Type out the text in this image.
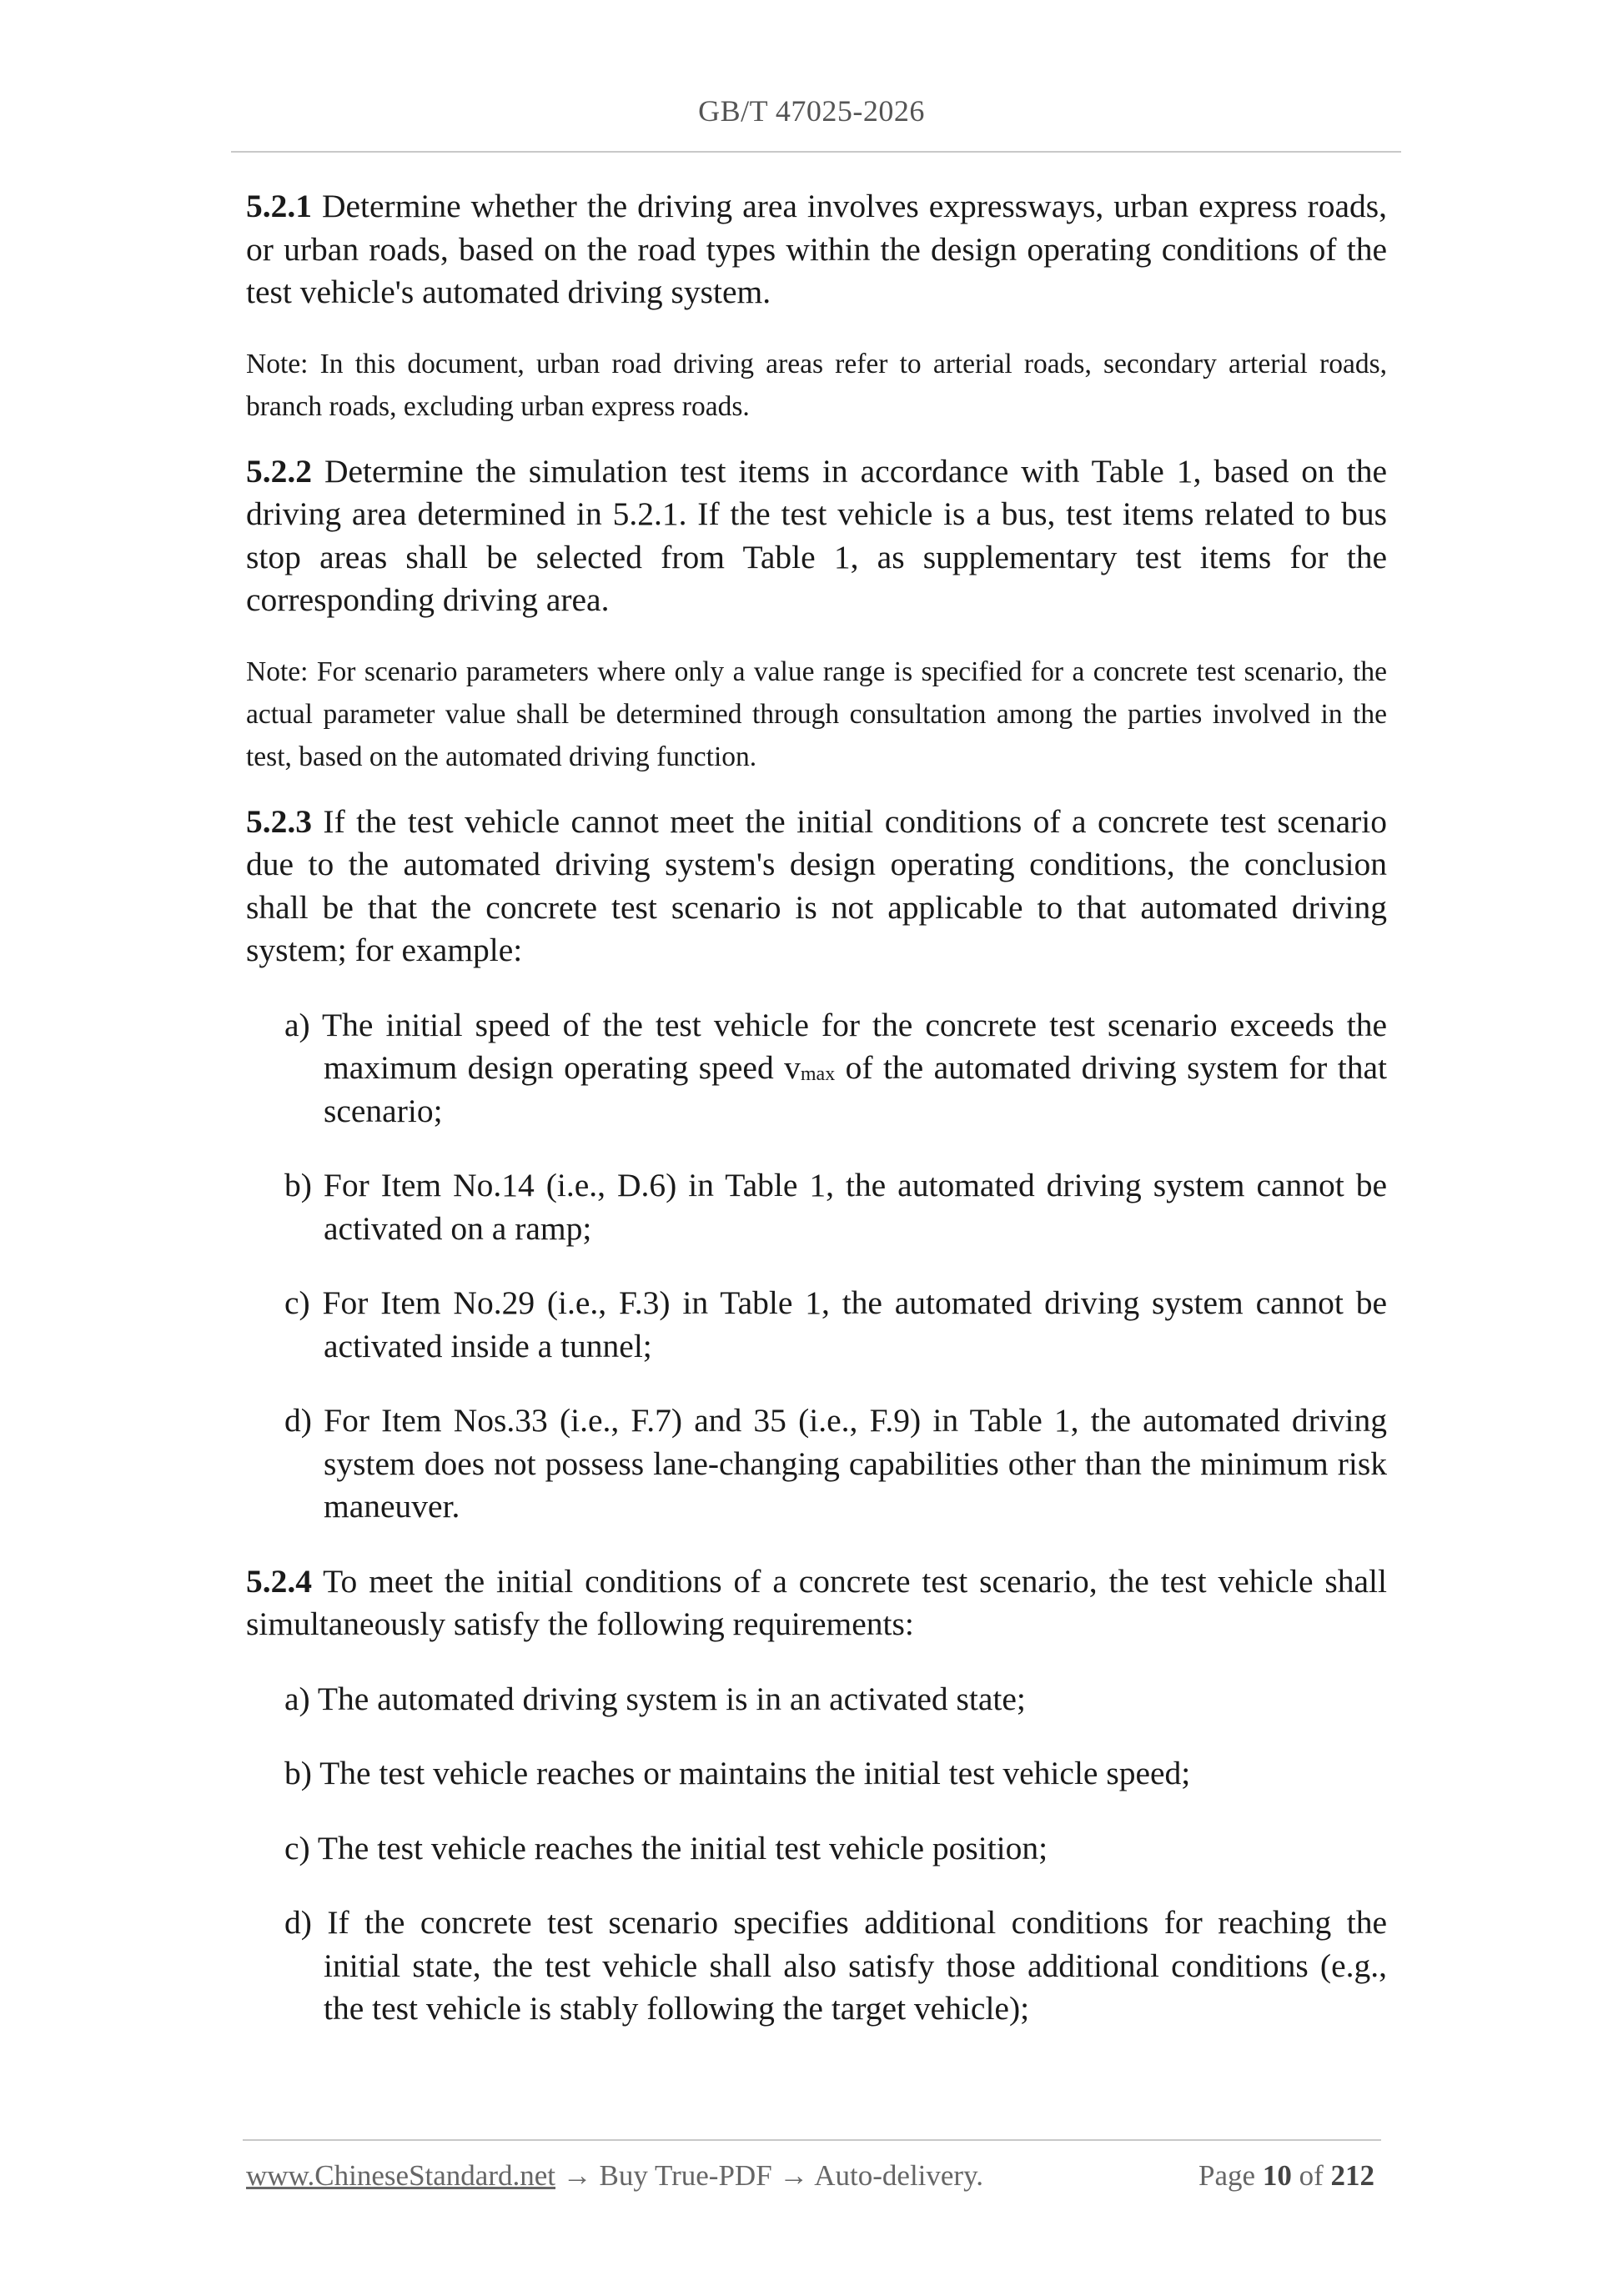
GB/T 47025-2026

5.2.1 Determine whether the driving area involves expressways, urban express roads, or urban roads, based on the road types within the design operating conditions of the test vehicle's automated driving system.

Note: In this document, urban road driving areas refer to arterial roads, secondary arterial roads, branch roads, excluding urban express roads.

5.2.2 Determine the simulation test items in accordance with Table 1, based on the driving area determined in 5.2.1. If the test vehicle is a bus, test items related to bus stop areas shall be selected from Table 1, as supplementary test items for the corresponding driving area.

Note: For scenario parameters where only a value range is specified for a concrete test scenario, the actual parameter value shall be determined through consultation among the parties involved in the test, based on the automated driving function.

5.2.3 If the test vehicle cannot meet the initial conditions of a concrete test scenario due to the automated driving system's design operating conditions, the conclusion shall be that the concrete test scenario is not applicable to that automated driving system; for example:

a) The initial speed of the test vehicle for the concrete test scenario exceeds the maximum design operating speed $v_{max}$ of the automated driving system for that scenario;

b) For Item No.14 (i.e., D.6) in Table 1, the automated driving system cannot be activated on a ramp;

c) For Item No.29 (i.e., F.3) in Table 1, the automated driving system cannot be activated inside a tunnel;

d) For Item Nos.33 (i.e., F.7) and 35 (i.e., F.9) in Table 1, the automated driving system does not possess lane-changing capabilities other than the minimum risk maneuver.

5.2.4 To meet the initial conditions of a concrete test scenario, the test vehicle shall simultaneously satisfy the following requirements:

a) The automated driving system is in an activated state;

b) The test vehicle reaches or maintains the initial test vehicle speed;

c) The test vehicle reaches the initial test vehicle position;

d) If the concrete test scenario specifies additional conditions for reaching the initial state, the test vehicle shall also satisfy those additional conditions (e.g., the test vehicle is stably following the target vehicle);

www.ChineseStandard.net → Buy True-PDF → Auto-delivery.	Page 10 of 212
